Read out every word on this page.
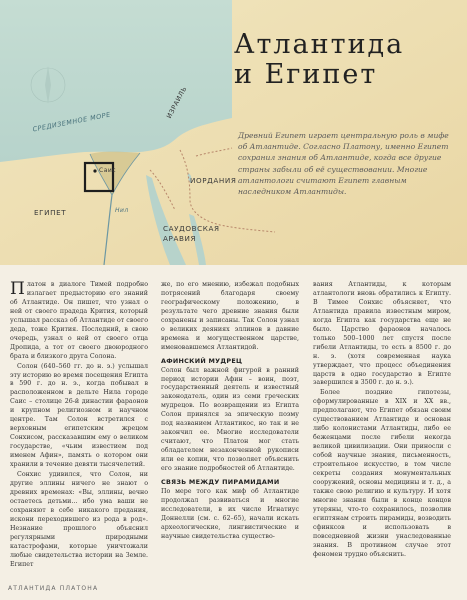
СРЕДИЗЕМНОЕ МОРЕ
ИЗРАИЛЬ
ИОРДАНИЯ
ЕГИПЕТ
САУДОВСКАЯ
АРАВИЯ
Саис
Нил
Атлантида
и Египет

Древний Египет играет центральную роль в мифе об Атлантиде. Согласно Платону, именно Египет сохранил знания об Атлантиде, когда все другие страны забыли об её существовании. Многие атлантологи считают Египет главным наследником Атлантиды.

Платон в диалоге Тимей подробно излагает предысторию его знаний об Атлантиде. Он пишет, что узнал о ней от своего прадеда Крития, который услышал рассказ об Атлантиде от своего деда, тоже Крития. Последний, в свою очередь, узнал о ней от своего отца Дропида, а тот от своего двоюродного брата и близкого друга Солона.

Солон (640–560 гг. до н. э.) услышал эту историю во время посещения Египта в 590 г. до н. э., когда побывал в расположенном в дельте Нила городе Саис – столице 26-й династии фараонов и крупном религиозном и научном центре. Там Солон встретился с верховным египетским жрецом Сонхисом, рассказавшим ему о великом государстве, «чьим известием под именем Афин», память о котором они хранили в течение девяти тысячелетий.

Сонхис удивился, что Солон, ни другие эллины ничего не знают о древних временах: «Вы, эллины, вечно остаетесь детьми... ибо ума ваши не сохраняют в себе никакого предания, искони переходившего из рода в род». Незнание прошлого объяснил регулярными природными катастрофами, которые уничтожали любые свидетельства истории на Земле. Египет

же, по его мнению, избежал подобных потрясений благодаря своему географическому положению, в результате чего древние знания были сохранены и записаны. Так Солон узнал о великих деяниях эллинов в давние времена и могущественном царстве, именовавшемся Атлантидой.

АФИНСКИЙ МУДРЕЦ

Солон был важной фигурой в ранний период истории Афин – воин, поэт, государственный деятель и известный законодатель, один из семи греческих мудрецов. По возвращении из Египта Солон принялся за эпическую поэму под названием Атлантикос, но так и не закончил ее. Многие исследователи считают, что Платон мог стать обладателем незаконченной рукописи или ее копии, что позволяет объяснить его знание подробностей об Атлантиде.

СВЯЗЬ МЕЖДУ ПИРАМИДАМИ

По мере того как миф об Атлантиде продолжал развиваться и многие исследователи, в их числе Игнатиус Доннелли (см. с. 62–65), начали искать археологические, лингвистические и научные свидетельства существо-

вания Атлантиды, к которым атлантологи вновь обратились к Египту. В Тимее Сонхис объясняет, что Атлантида правила известным миром, когда Египта как государства еще не было. Царство фараонов началось только 500–1000 лет спустя после гибели Атлантиды, то есть в 8500 г. до н. э. (хотя современная наука утверждает, что процесс объединения царств в одно государство в Египте завершился в 3500 г. до н. э.).

Более поздние гипотезы, сформулированные в XIX и XX вв., предполагают, что Египет обязан своим существованием Атлантиде и основан либо колонистами Атлантиды, либо ее беженцами после гибели некогда великой цивилизации. Они приносли с собой научные знания, письменность, строительное искусство, в том числе секреты создания монументальных сооружений, основы медицины и т. д., а также свою религию и культуру. И хотя многие знания были в конце концов утеряны, что-то сохранилось, позволив египтянам строить пирамиды, возводить сфинксов и использовать в повседневной жизни унаследованные знания. В противном случае этот феномен трудно объяснить.

АТЛАНТИДА ПЛАТОНА
